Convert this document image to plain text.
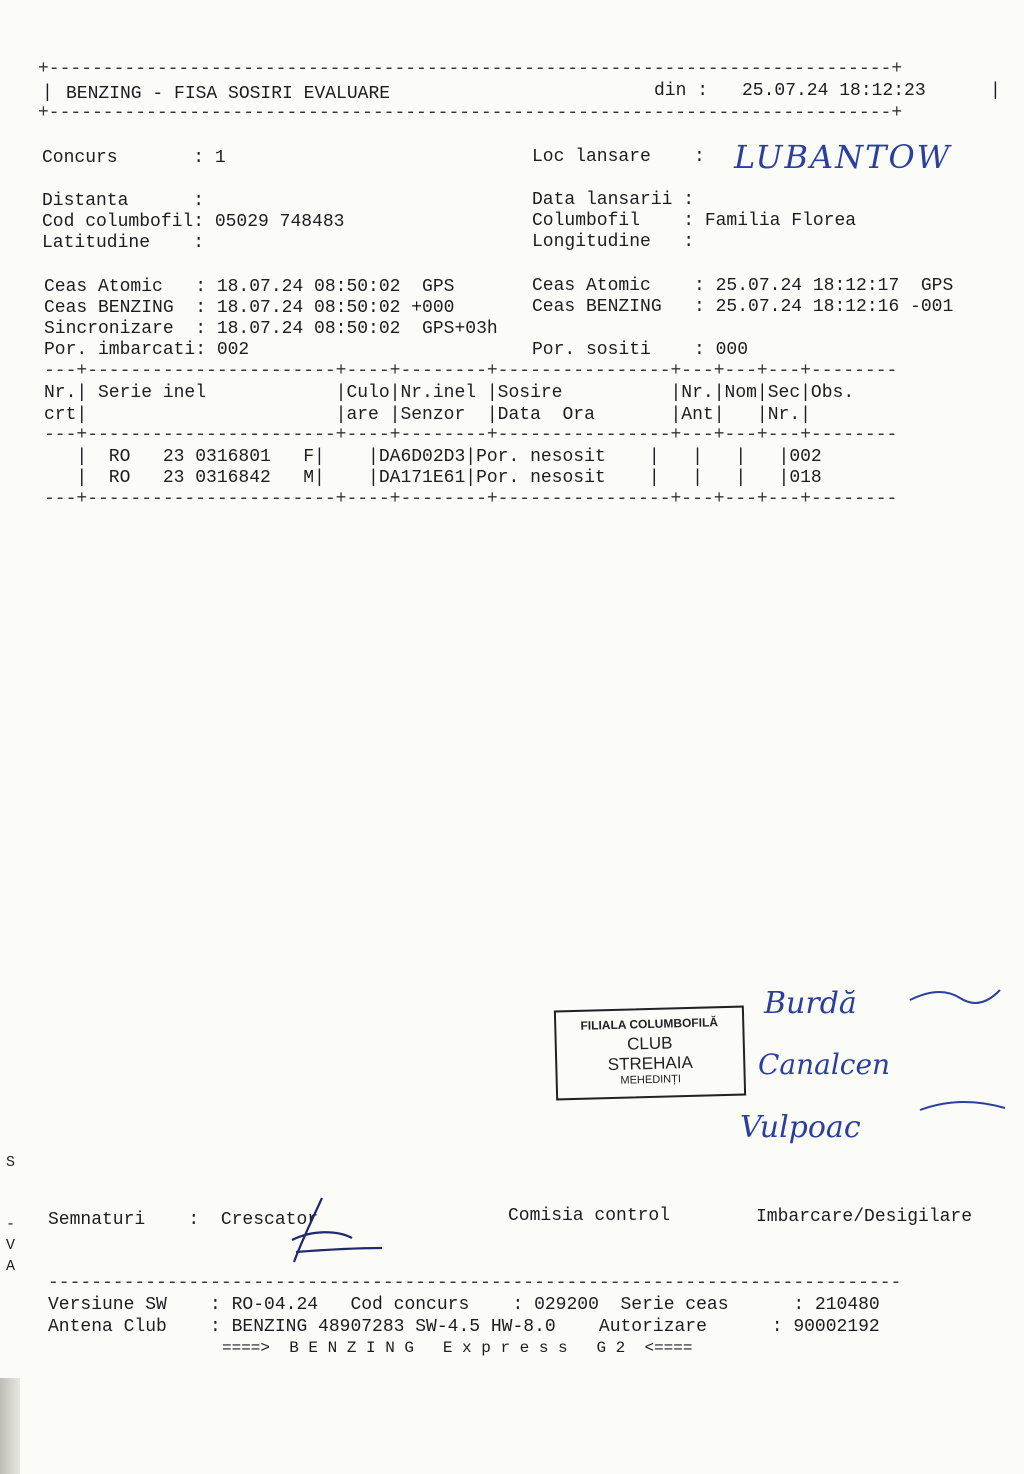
+------------------------------------------------------------------------------+
| BENZING - FISA SOSIRI EVALUARE	din : 25.07.24 18:12:23	|
+------------------------------------------------------------------------------+
Concurs       : 1	Loc lansare    : LUBANTOW
Distanta      :
Cod columbofil: 05029 748483
Latitudine    :
Data lansarii :
Columbofil    : Familia Florea
Longitudine   :
Ceas Atomic   : 18.07.24 08:50:02  GPS
Ceas BENZING  : 18.07.24 08:50:02 +000
Sincronizare  : 18.07.24 08:50:02  GPS+03h
Por. imbarcati: 002
Ceas Atomic    : 25.07.24 18:12:17  GPS
Ceas BENZING   : 25.07.24 18:12:16 -001
Por. sositi    : 000
---+-----------------------+----+--------+----------------+---+---+---+--------
Nr.| Serie inel            |Culo|Nr.inel |Sosire          |Nr.|Nom|Sec|Obs.
crt|                       |are |Senzor  |Data  Ora       |Ant|   |Nr.|
---+-----------------------+----+--------+----------------+---+---+---+--------
|  RO   23 0316801   F|    |DA6D02D3|Por. nesosit    |   |   |   |002
|  RO   23 0316842   M|    |DA171E61|Por. nesosit    |   |   |   |018
---+-----------------------+----+--------+----------------+---+---+---+--------
FILIALA COLUMBOFILĂ
CLUB
STREHAIA
MEHEDINȚI
Burdă
Canalcen
Vulpoac
S
-
V
A
Semnaturi    :  Crescator	Comisia control	Imbarcare/Desigilare
-------------------------------------------------------------------------------
Versiune SW    : RO-04.24   Cod concurs    : 029200  Serie ceas      : 210480
Antena Club    : BENZING 48907283 SW-4.5 HW-8.0    Autorizare      : 90002192
====>  B E N Z I N G   E x p r e s s   G 2  <====
